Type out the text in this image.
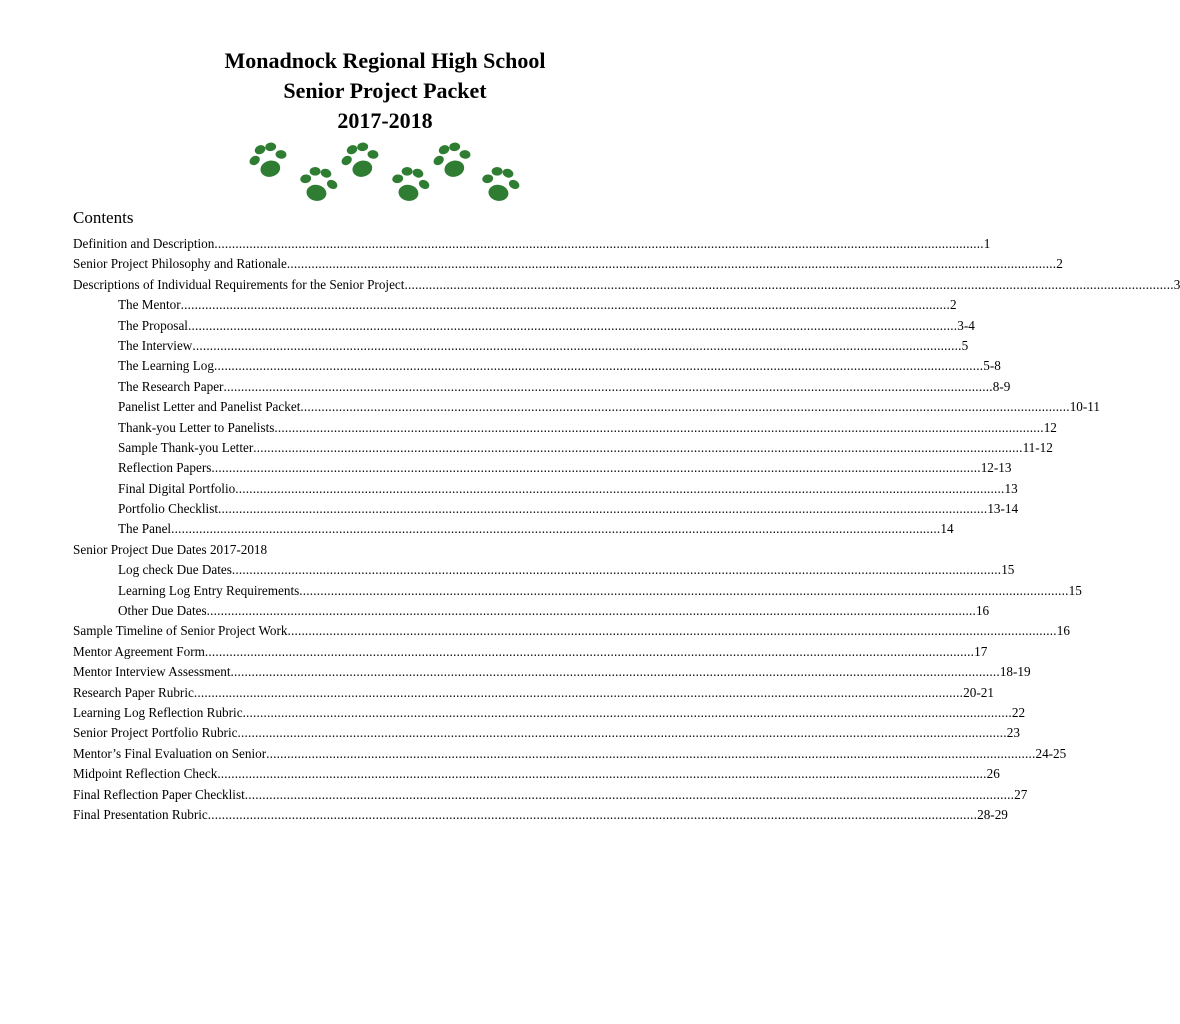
Monadnock Regional High School
Senior Project Packet
2017-2018
Contents
Definition and Description ............................................................................................................................................................................................................................ 1
Senior Project Philosophy and Rationale ............................................................................................................................................................................................................................ 2
Descriptions of Individual Requirements for the Senior Project ............................................................................................................................................................................................................................ 3
The Mentor ............................................................................................................................................................................................................................ 2
The Proposal ............................................................................................................................................................................................................................ 3-4
The Interview ............................................................................................................................................................................................................................ 5
The Learning Log ............................................................................................................................................................................................................................ 5-8
The Research Paper ............................................................................................................................................................................................................................ 8-9
Panelist Letter and Panelist Packet ............................................................................................................................................................................................................................ 10-11
Thank-you Letter to Panelists ............................................................................................................................................................................................................................ 12
Sample Thank-you Letter ............................................................................................................................................................................................................................ 11-12
Reflection Papers ............................................................................................................................................................................................................................ 12-13
Final Digital Portfolio ............................................................................................................................................................................................................................ 13
Portfolio Checklist ............................................................................................................................................................................................................................ 13-14
The Panel ............................................................................................................................................................................................................................ 14
Senior Project Due Dates 2017-2018
Log check Due Dates ............................................................................................................................................................................................................................ 15
Learning Log Entry Requirements ............................................................................................................................................................................................................................ 15
Other Due Dates ............................................................................................................................................................................................................................ 16
Sample Timeline of Senior Project Work ............................................................................................................................................................................................................................ 16
Mentor Agreement Form ............................................................................................................................................................................................................................ 17
Mentor Interview Assessment ............................................................................................................................................................................................................................ 18-19
Research Paper Rubric ............................................................................................................................................................................................................................ 20-21
Learning Log Reflection Rubric ............................................................................................................................................................................................................................ 22
Senior Project Portfolio Rubric ............................................................................................................................................................................................................................ 23
Mentor’s Final Evaluation on Senior ............................................................................................................................................................................................................................ 24-25
Midpoint Reflection Check ............................................................................................................................................................................................................................ 26
Final Reflection Paper Checklist ............................................................................................................................................................................................................................ 27
Final Presentation Rubric ............................................................................................................................................................................................................................ 28-29
